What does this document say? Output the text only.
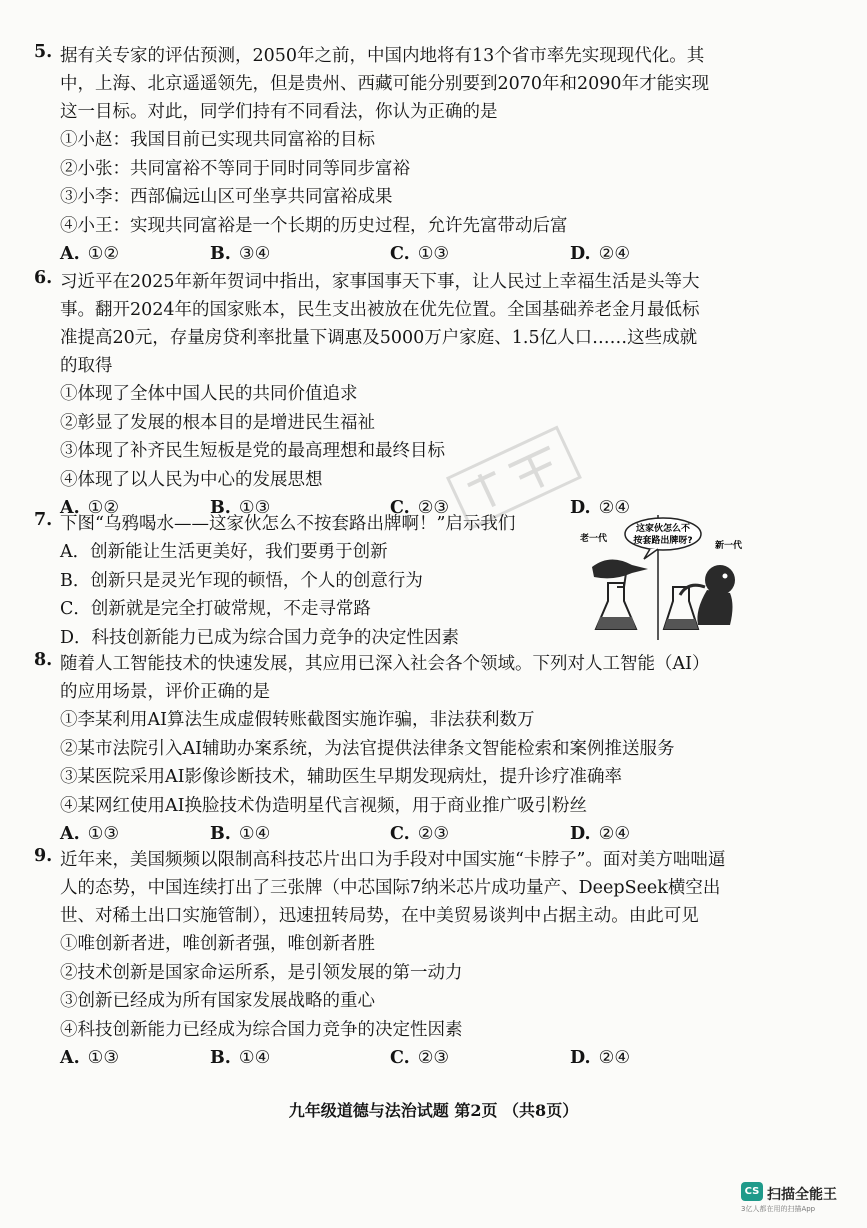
5. 据有关专家的评估预测，2050年之前，中国内地将有13个省市率先实现现代化。其

中，上海、北京遥遥领先，但是贵州、西藏可能分别要到2070年和2090年才能实现

这一目标。对此，同学们持有不同看法，你认为正确的是

①小赵：我国目前已实现共同富裕的目标

②小张：共同富裕不等同于同时同等同步富裕

③小李：西部偏远山区可坐享共同富裕成果

④小王：实现共同富裕是一个长期的历史过程，允许先富带动后富

A. ①②	B. ③④	C. ①③	D. ②④
6. 习近平在2025年新年贺词中指出，家事国事天下事，让人民过上幸福生活是头等大

事。翻开2024年的国家账本，民生支出被放在优先位置。全国基础养老金月最低标

准提高20元，存量房贷利率批量下调惠及5000万户家庭、1.5亿人口……这些成就

的取得

①体现了全体中国人民的共同价值追求

②彰显了发展的根本目的是增进民生福祉

③体现了补齐民生短板是党的最高理想和最终目标

④体现了以人民为中心的发展思想

A. ①②	B. ①③	C. ②③	D. ②④
7. 下图“乌鸦喝水——这家伙怎么不按套路出牌啊！”启示我们

A．创新能让生活更美好，我们要勇于创新

B．创新只是灵光乍现的顿悟，个人的创意行为

C．创新就是完全打破常规，不走寻常路

D．科技创新能力已成为综合国力竞争的决定性因素

8. 随着人工智能技术的快速发展，其应用已深入社会各个领域。下列对人工智能（AI）

的应用场景，评价正确的是

①李某利用AI算法生成虚假转账截图实施诈骗，非法获利数万

②某市法院引入AI辅助办案系统，为法官提供法律条文智能检索和案例推送服务

③某医院采用AI影像诊断技术，辅助医生早期发现病灶，提升诊疗准确率

④某网红使用AI换脸技术伪造明星代言视频，用于商业推广吸引粉丝

A. ①③	B. ①④	C. ②③	D. ②④
9. 近年来，美国频频以限制高科技芯片出口为手段对中国实施“卡脖子”。面对美方咄咄逼

人的态势，中国连续打出了三张牌（中芯国际7纳米芯片成功量产、DeepSeek横空出

世、对稀土出口实施管制），迅速扭转局势，在中美贸易谈判中占据主动。由此可见

①唯创新者进，唯创新者强，唯创新者胜

②技术创新是国家命运所系，是引领发展的第一动力

③创新已经成为所有国家发展战略的重心

④科技创新能力已经成为综合国力竞争的决定性因素

A. ①③	B. ①④	C. ②③	D. ②④
这家伙怎么不
按套路出牌呀?
老一代
新一代
九年级道德与法治试题 第2页 （共8页）
CS 扫描全能王
3亿人都在用的扫描App
